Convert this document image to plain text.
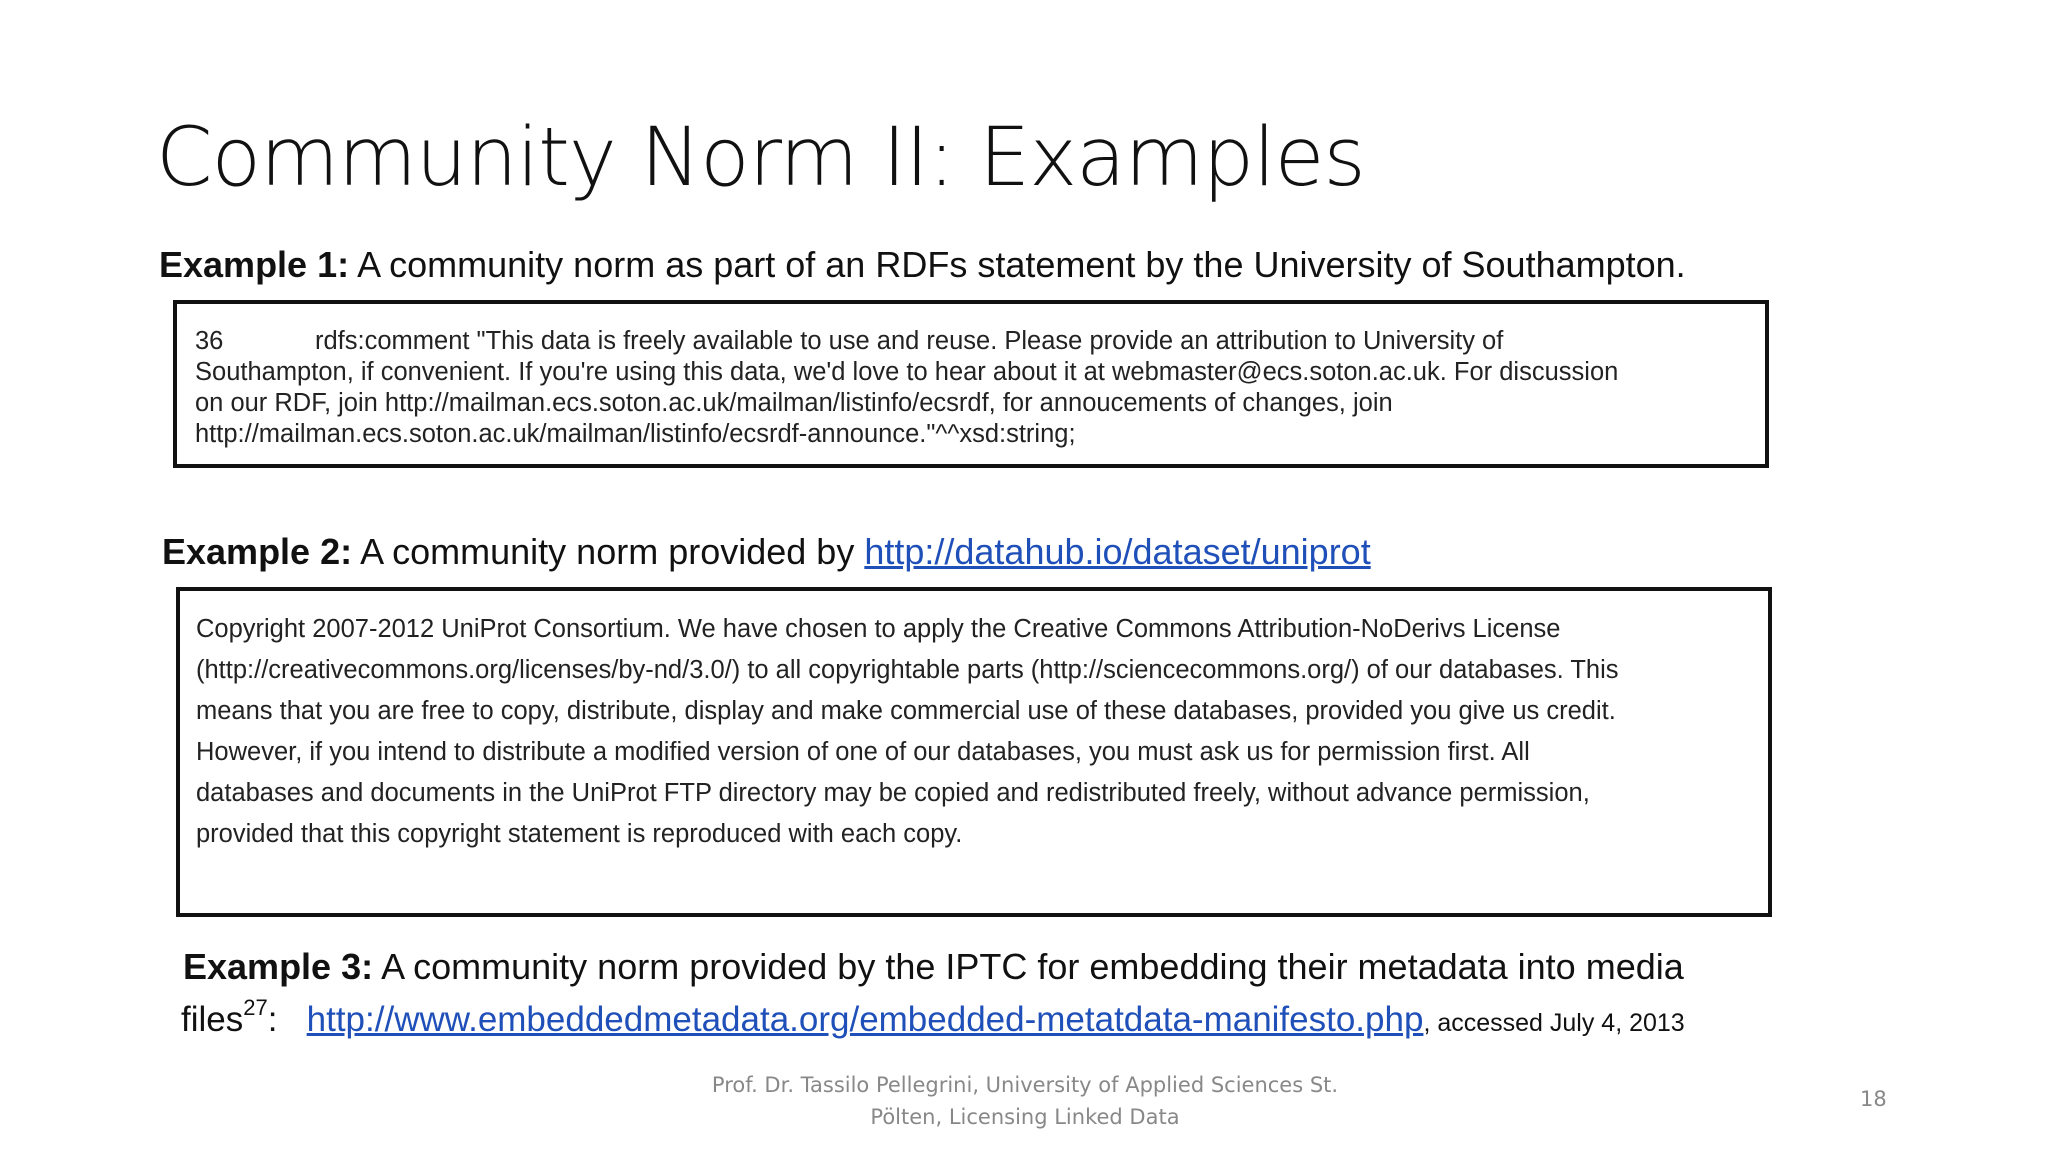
Community Norm II: Examples
Example 1: A community norm as part of an RDFs statement by the University of Southampton.
36	rdfs:comment "This data is freely available to use and reuse. Please provide an attribution to University of
Southampton, if convenient. If you're using this data, we'd love to hear about it at webmaster@ecs.soton.ac.uk. For discussion
on our RDF, join http://mailman.ecs.soton.ac.uk/mailman/listinfo/ecsrdf, for annoucements of changes, join
http://mailman.ecs.soton.ac.uk/mailman/listinfo/ecsrdf-announce."^^xsd:string;
Example 2: A community norm provided by http://datahub.io/dataset/uniprot
Copyright 2007-2012 UniProt Consortium. We have chosen to apply the Creative Commons Attribution-NoDerivs License
(http://creativecommons.org/licenses/by-nd/3.0/) to all copyrightable parts (http://sciencecommons.org/) of our databases. This
means that you are free to copy, distribute, display and make commercial use of these databases, provided you give us credit.
However, if you intend to distribute a modified version of one of our databases, you must ask us for permission first. All
databases and documents in the UniProt FTP directory may be copied and redistributed freely, without advance permission,
provided that this copyright statement is reproduced with each copy.
Example 3: A community norm provided by the IPTC for embedding their metadata into media
files$^{27}$:   http://www.embeddedmetadata.org/embedded-metatdata-manifesto.php, accessed July 4, 2013
Prof. Dr. Tassilo Pellegrini, University of Applied Sciences St.
Pölten, Licensing Linked Data
18
